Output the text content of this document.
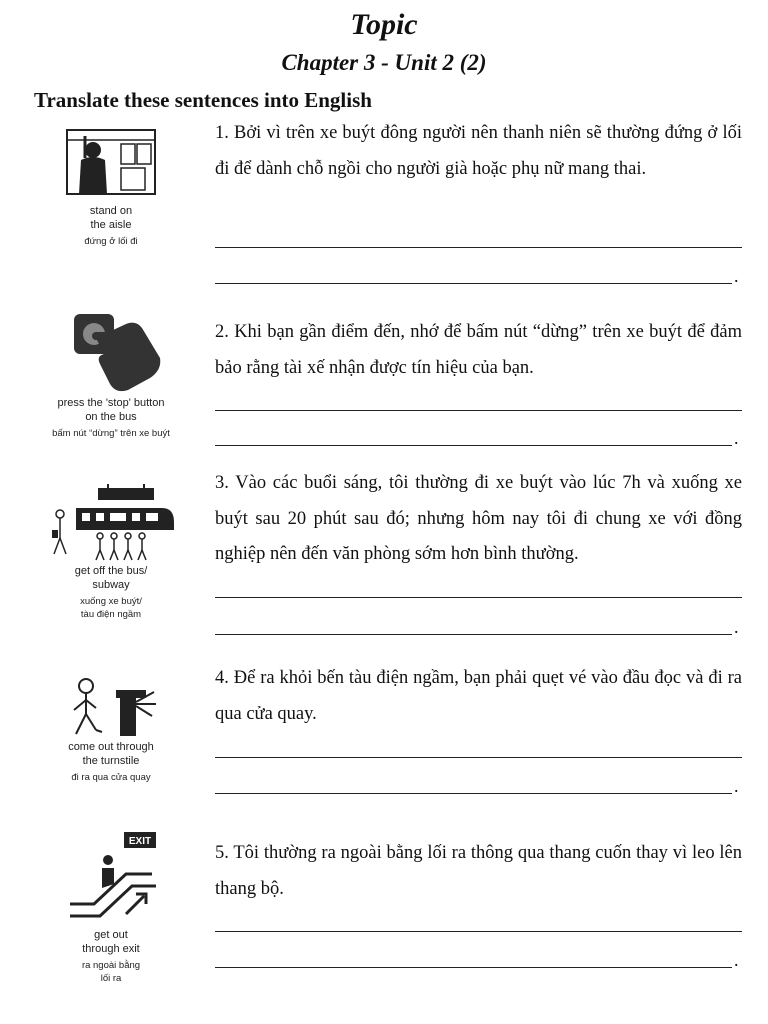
Topic
Chapter 3 - Unit 2 (2)
Translate these sentences into English
stand on
the aisle
đứng ở lối đi
1. Bởi vì trên xe buýt đông người nên thanh niên sẽ thường đứng ở lối đi để dành chỗ ngồi cho người già hoặc phụ nữ mang thai.
.
press the 'stop' button
on the bus
bấm nút “dừng” trên xe buýt
2. Khi bạn gần điểm đến, nhớ để bấm nút “dừng” trên xe buýt để đảm bảo rằng tài xế nhận được tín hiệu của bạn.
.
get off the bus/
subway
xuống xe buýt/
tàu điện ngầm
3. Vào các buổi sáng, tôi thường đi xe buýt vào lúc 7h và xuống xe buýt sau 20 phút sau đó; nhưng hôm nay tôi đi chung xe với đồng nghiệp nên đến văn phòng sớm hơn bình thường.
.
come out through
the turnstile
đi ra qua cửa quay
4. Để ra khỏi bến tàu điện ngầm, bạn phải quẹt vé vào đầu đọc và đi ra qua cửa quay.
.
EXIT
get out
through exit
ra ngoài bằng
lối ra
5. Tôi thường ra ngoài bằng lối ra thông qua thang cuốn thay vì leo lên thang bộ.
.
